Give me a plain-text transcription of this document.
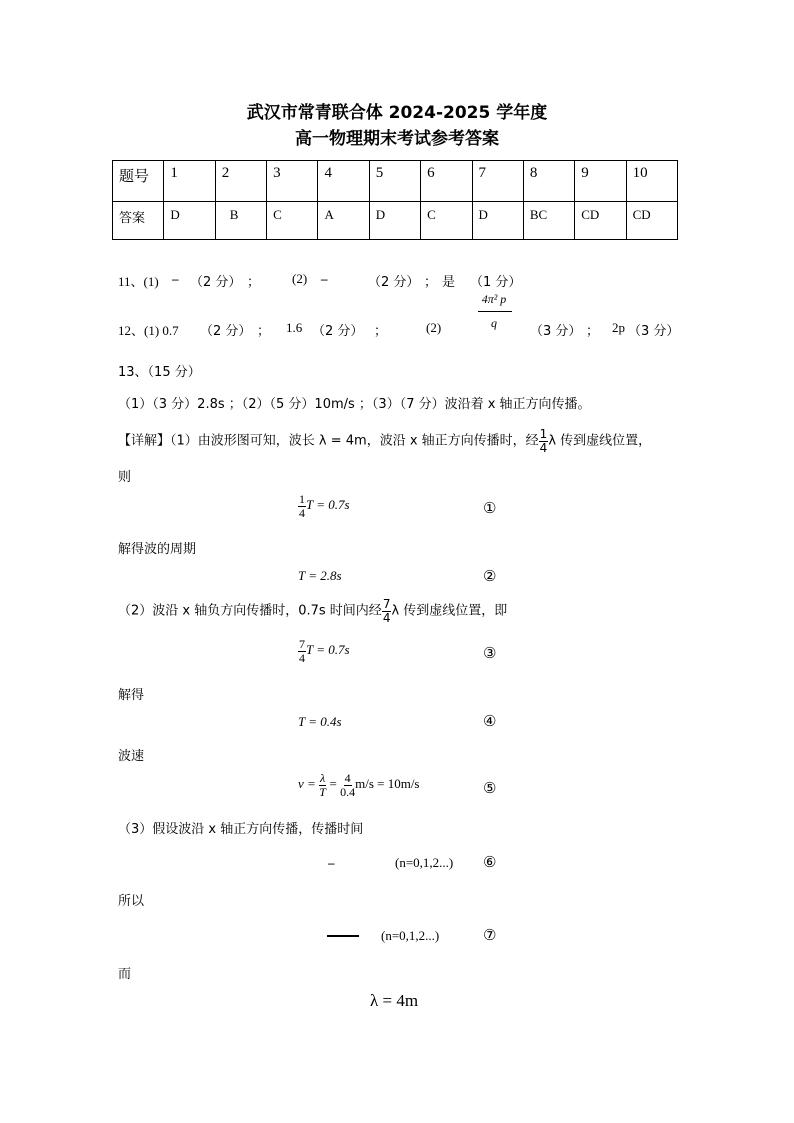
武汉市常青联合体 2024-2025 学年度
高一物理期末考试参考答案
题号	1	2	3	4	5	6	7	8	9	10
答案	D	B	C	A	D	C	D	BC	CD	CD
11、(1) – （2 分） ； (2) –	（2 分） ； 是 （1 分）
12、(1) 0.7 （2 分） ； 1.6 （2 分） ；	(2)
4π² p
q
（3 分） ； 2p （3 分）
13、（15 分）
（1）（3 分）2.8s ；（2）（5 分）10m/s ；（3）（7 分）波沿着 x 轴正方向传播。
【详解】（1）由波形图可知，波长 λ = 4m，波沿 x 轴正方向传播时，经 $\frac{1}{4}$ λ 传到虚线位置，
则
$\frac{1}{4}$ T = 0.7s	①
解得波的周期
T = 2.8s	②
（2）波沿 x 轴负方向传播时，0.7s 时间内经 $\frac{7}{4}$ λ 传到虚线位置，即
$\frac{7}{4}$ T = 0.7s	③
解得
T = 0.4s	④
波速
$v = \frac{\lambda}{T} = \frac{4}{0.4} m/s = 10m/s$	⑤
（3）假设波沿 x 轴正方向传播，传播时间
–	(n=0,1,2...) ⑥
所以
(n=0,1,2...)	⑦
而
λ = 4m
